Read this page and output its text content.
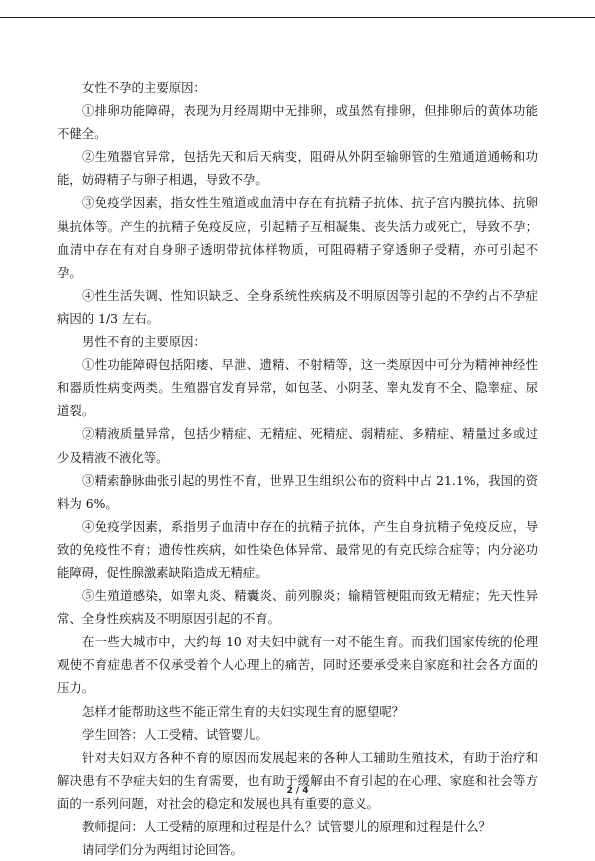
女性不孕的主要原因：

①排卵功能障碍，表现为月经周期中无排卵，或虽然有排卵，但排卵后的黄体功能不健全。

②生殖器官异常，包括先天和后天病变，阻碍从外阴至输卵管的生殖通道通畅和功能，妨碍精子与卵子相遇，导致不孕。

③免疫学因素，指女性生殖道或血清中存在有抗精子抗体、抗子宫内膜抗体、抗卵巢抗体等。产生的抗精子免疫反应，引起精子互相凝集、丧失活力或死亡，导致不孕；血清中存在有对自身卵子透明带抗体样物质，可阻碍精子穿透卵子受精，亦可引起不孕。

④性生活失调、性知识缺乏、全身系统性疾病及不明原因等引起的不孕约占不孕症病因的 1/3 左右。

男性不育的主要原因：

①性功能障碍包括阳痿、早泄、遗精、不射精等，这一类原因中可分为精神神经性和器质性病变两类。生殖器官发育异常，如包茎、小阴茎、睾丸发育不全、隐睾症、尿道裂。

②精液质量异常，包括少精症、无精症、死精症、弱精症、多精症、精量过多或过少及精液不液化等。

③精索静脉曲张引起的男性不育，世界卫生组织公布的资料中占 21.1%，我国的资料为 6%。

④免疫学因素，系指男子血清中存在的抗精子抗体，产生自身抗精子免疫反应，导致的免疫性不育；遗传性疾病，如性染色体异常、最常见的有克氏综合症等；内分泌功能障碍，促性腺激素缺陷造成无精症。

⑤生殖道感染，如睾丸炎、精囊炎、前列腺炎；输精管梗阻而致无精症；先天性异常、全身性疾病及不明原因引起的不育。

在一些大城市中，大约每 10 对夫妇中就有一对不能生育。而我们国家传统的伦理观使不育症患者不仅承受着个人心理上的痛苦，同时还要承受来自家庭和社会各方面的压力。

怎样才能帮助这些不能正常生育的夫妇实现生育的愿望呢？

学生回答：人工受精、试管婴儿。

针对夫妇双方各种不育的原因而发展起来的各种人工辅助生殖技术，有助于治疗和解决患有不孕症夫妇的生育需要，也有助于缓解由不育引起的在心理、家庭和社会等方面的一系列问题，对社会的稳定和发展也具有重要的意义。

教师提问：人工受精的原理和过程是什么？试管婴儿的原理和过程是什么？

请同学们分为两组讨论回答。

2 / 4
